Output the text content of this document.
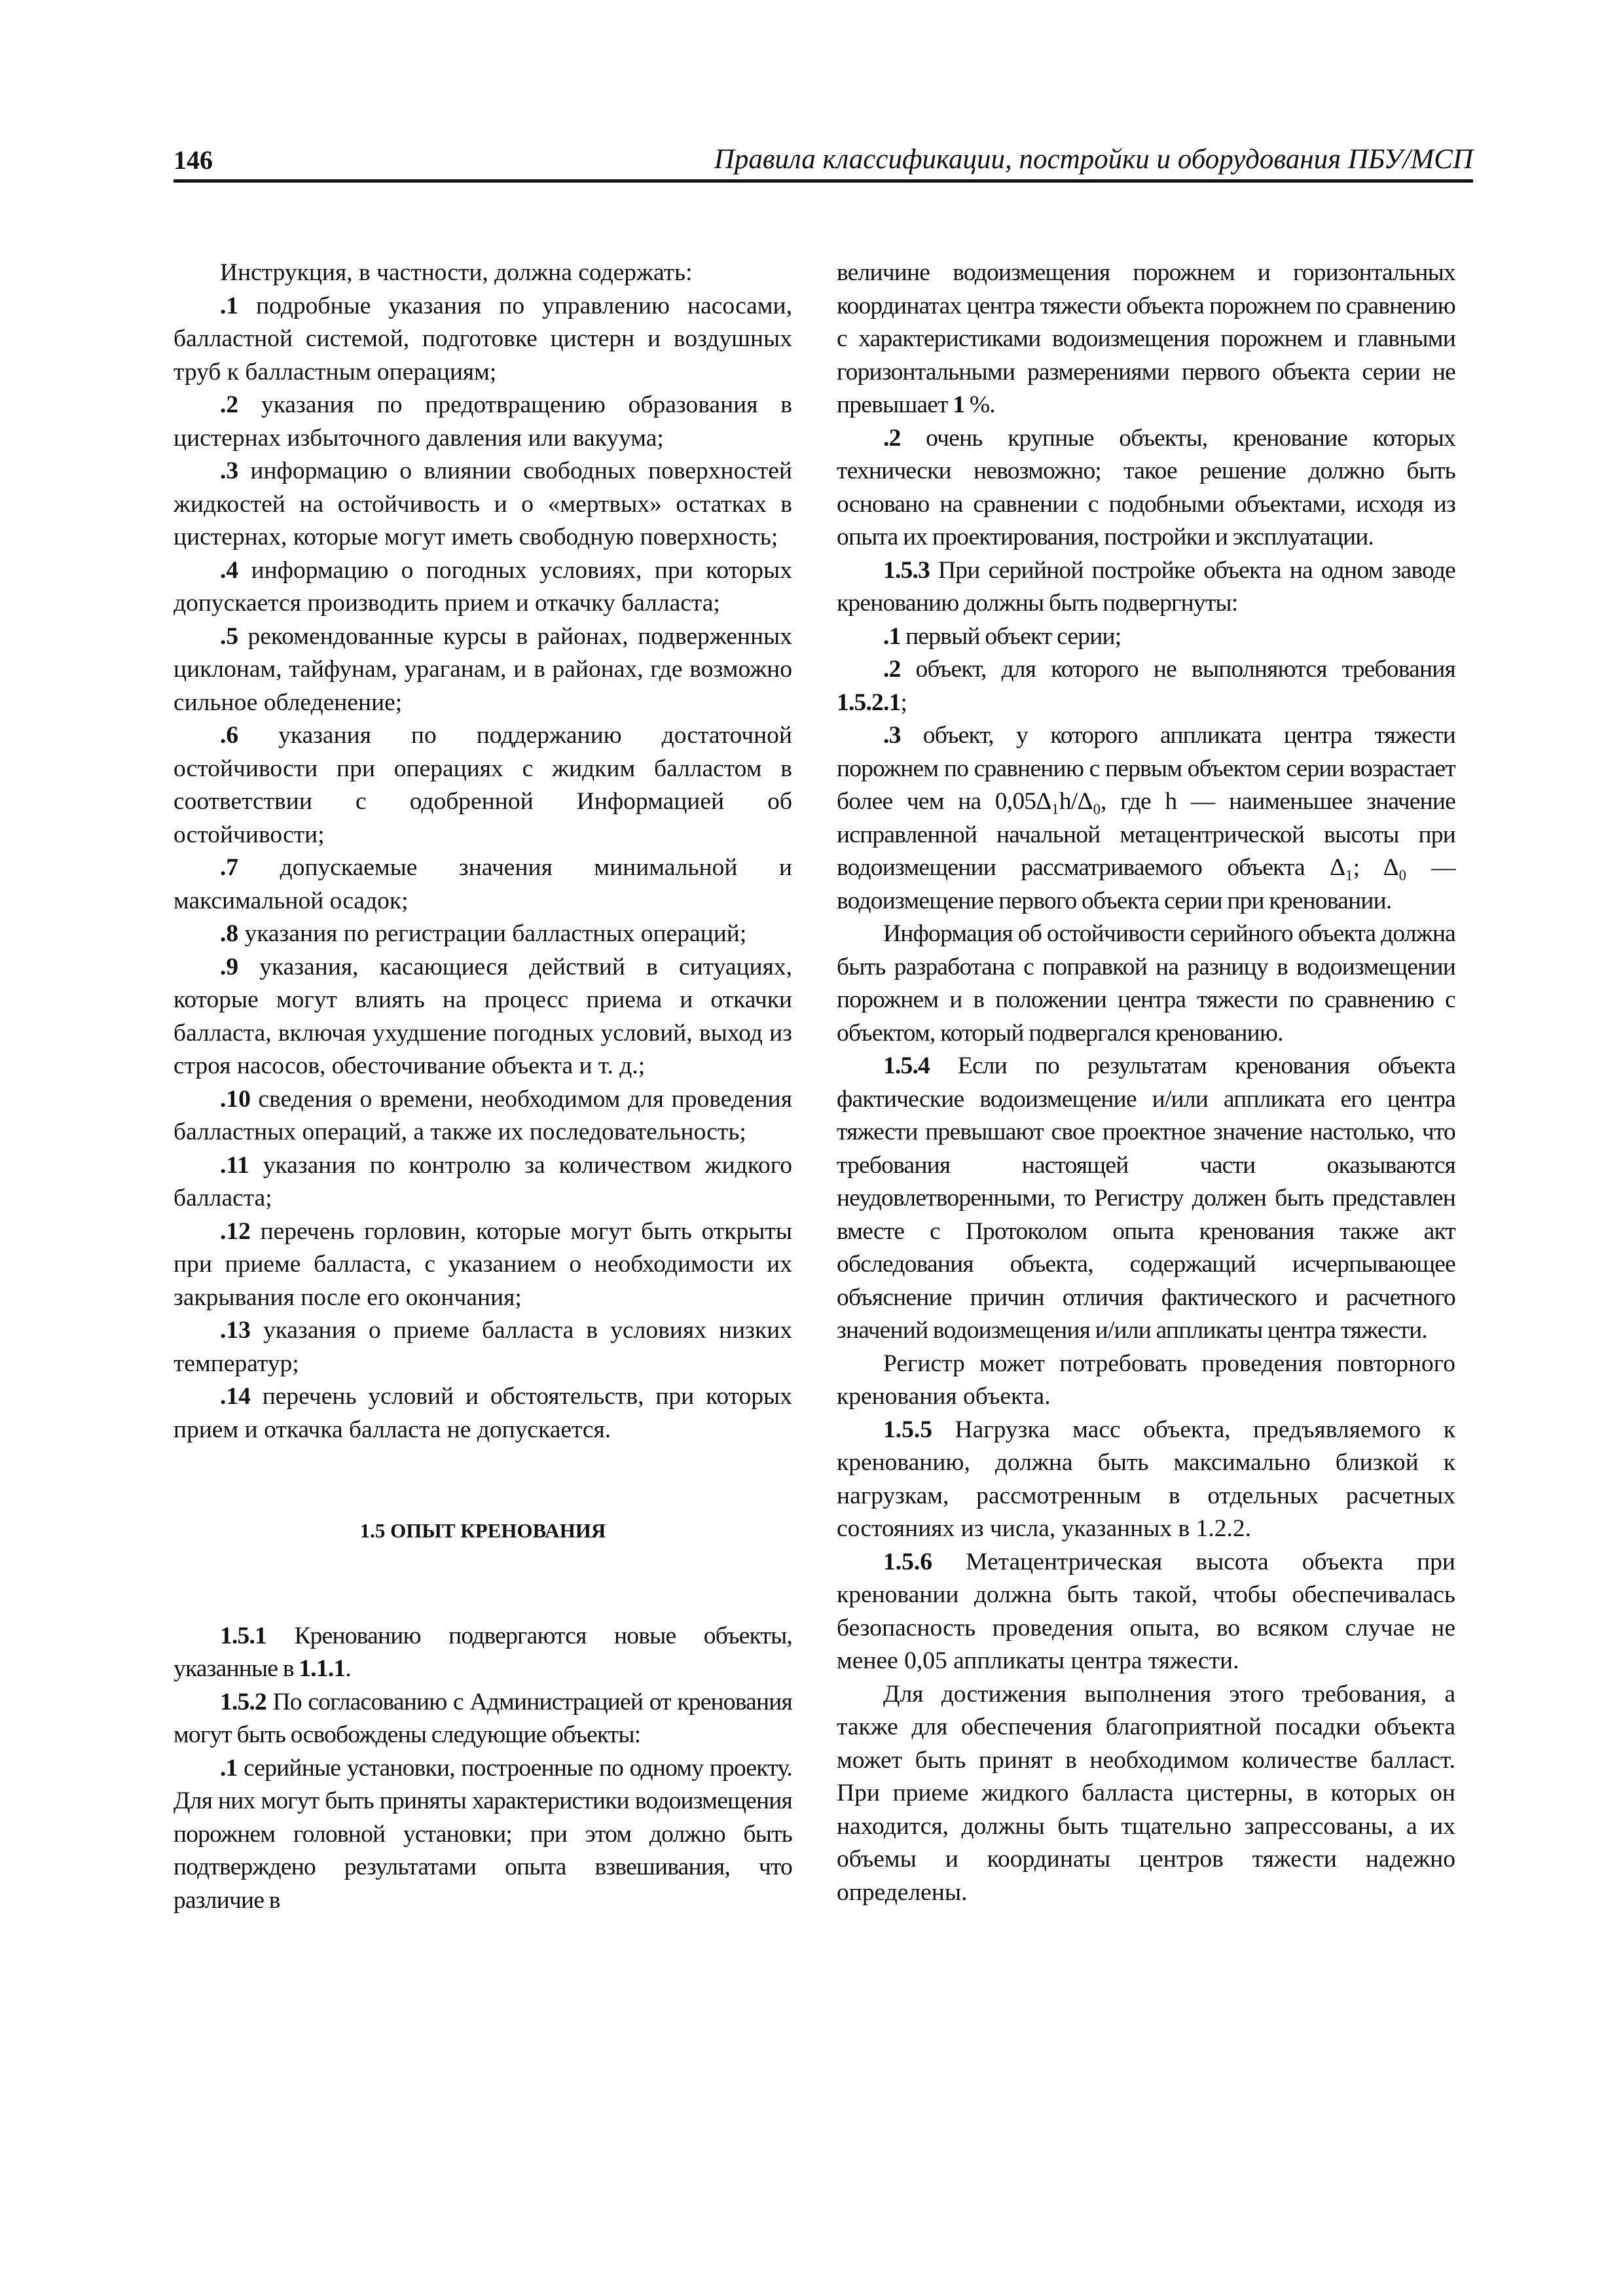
146	Правила классификации, постройки и оборудования ПБУ/МСП

Инструкция, в частности, должна содержать:

.1 подробные указания по управлению насосами, балластной системой, подготовке цистерн и воздушных труб к балластным операциям;

.2 указания по предотвращению образования в цистернах избыточного давления или вакуума;

.3 информацию о влиянии свободных поверхностей жидкостей на остойчивость и о «мертвых» остатках в цистернах, которые могут иметь свободную поверхность;

.4 информацию о погодных условиях, при которых допускается производить прием и откачку балласта;

.5 рекомендованные курсы в районах, подверженных циклонам, тайфунам, ураганам, и в районах, где возможно сильное обледенение;

.6 указания по поддержанию достаточной остойчивости при операциях с жидким балластом в соответствии с одобренной Информацией об остойчивости;

.7 допускаемые значения минимальной и максимальной осадок;

.8 указания по регистрации балластных операций;

.9 указания, касающиеся действий в ситуациях, которые могут влиять на процесс приема и откачки балласта, включая ухудшение погодных условий, выход из строя насосов, обесточивание объекта и т. д.;

.10 сведения о времени, необходимом для проведения балластных операций, а также их последовательность;

.11 указания по контролю за количеством жидкого балласта;

.12 перечень горловин, которые могут быть открыты при приеме балласта, с указанием о необходимости их закрывания после его окончания;

.13 указания о приеме балласта в условиях низких температур;

.14 перечень условий и обстоятельств, при которых прием и откачка балласта не допускается.

1.5 ОПЫТ КРЕНОВАНИЯ

1.5.1 Кренованию подвергаются новые объекты, указанные в 1.1.1.

1.5.2 По согласованию с Администрацией от кренования могут быть освобождены следующие объекты:

.1 серийные установки, построенные по одному проекту. Для них могут быть приняты характеристики водоизмещения порожнем головной установки; при этом должно быть подтверждено результатами опыта взвешивания, что различие в

величине водоизмещения порожнем и горизонтальных координатах центра тяжести объекта порожнем по сравнению с характеристиками водоизмещения порожнем и главными горизонтальными размерениями первого объекта серии не превышает 1 %.

.2 очень крупные объекты, кренование которых технически невозможно; такое решение должно быть основано на сравнении с подобными объектами, исходя из опыта их проектирования, постройки и эксплуатации.

1.5.3 При серийной постройке объекта на одном заводе кренованию должны быть подвергнуты:

.1 первый объект серии;

.2 объект, для которого не выполняются требования 1.5.2.1;

.3 объект, у которого аппликата центра тяжести порожнем по сравнению с первым объектом серии возрастает более чем на 0,05Δ₁h/Δ₀, где h — наименьшее значение исправленной начальной метацентрической высоты при водоизмещении рассматриваемого объекта Δ₁; Δ₀ — водоизмещение первого объекта серии при креновании.

Информация об остойчивости серийного объекта должна быть разработана с поправкой на разницу в водоизмещении порожнем и в положении центра тяжести по сравнению с объектом, который подвергался кренованию.

1.5.4 Если по результатам кренования объекта фактические водоизмещение и/или аппликата его центра тяжести превышают свое проектное значение настолько, что требования настоящей части оказываются неудовлетворенными, то Регистру должен быть представлен вместе с Протоколом опыта кренования также акт обследования объекта, содержащий исчерпывающее объяснение причин отличия фактического и расчетного значений водоизмещения и/или аппликаты центра тяжести.

Регистр может потребовать проведения повторного кренования объекта.

1.5.5 Нагрузка масс объекта, предъявляемого к кренованию, должна быть максимально близкой к нагрузкам, рассмотренным в отдельных расчетных состояниях из числа, указанных в 1.2.2.

1.5.6 Метацентрическая высота объекта при креновании должна быть такой, чтобы обеспечивалась безопасность проведения опыта, во всяком случае не менее 0,05 аппликаты центра тяжести.

Для достижения выполнения этого требования, а также для обеспечения благоприятной посадки объекта может быть принят в необходимом количестве балласт. При приеме жидкого балласта цистерны, в которых он находится, должны быть тщательно запрессованы, а их объемы и координаты центров тяжести надежно определены.
